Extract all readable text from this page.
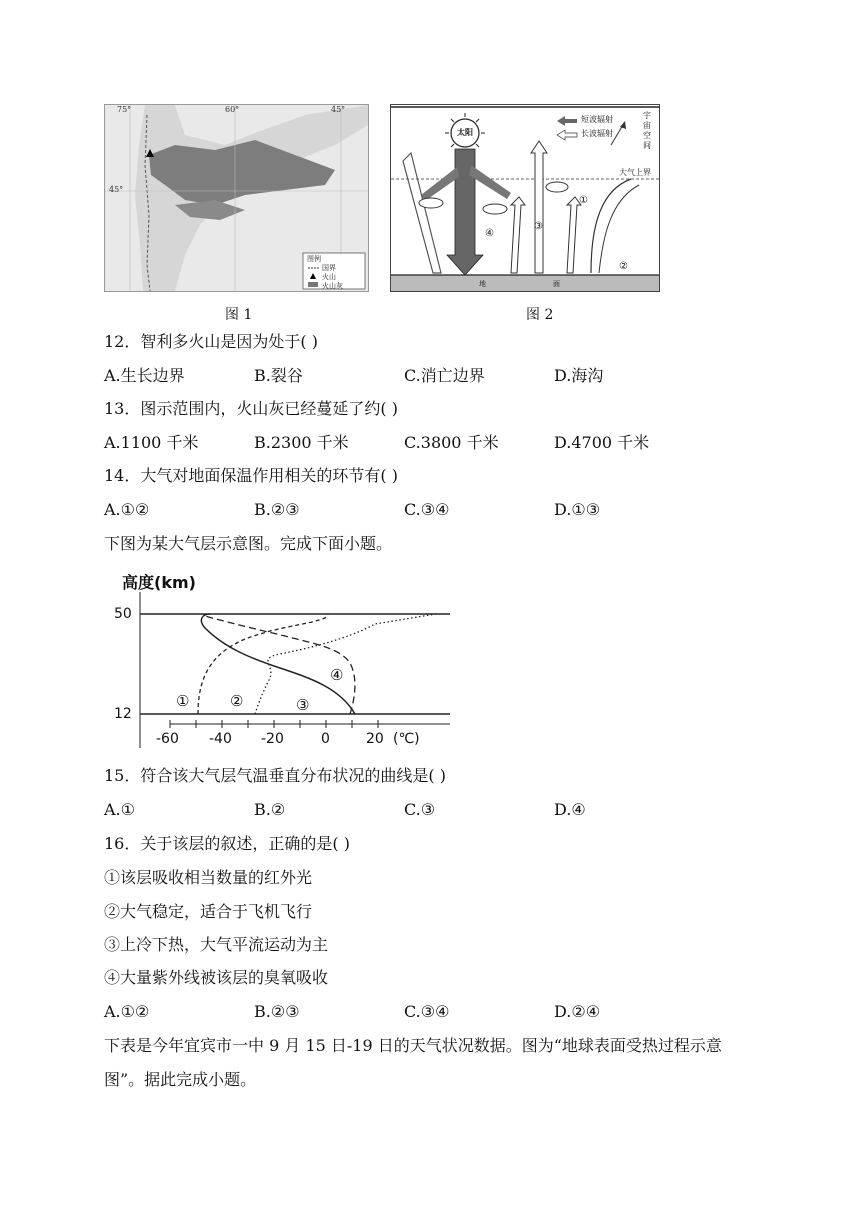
75°	60°	45°
45°
图例
国界
火山
火山灰
图 1
太阳
短波辐射
长波辐射
宇宙空间
大气上界
①
②
③
④
地	面
图 2
12．智利多火山是因为处于( )
A.生长边界	B.裂谷	C.消亡边界	D.海沟
13．图示范围内，火山灰已经蔓延了约( )
A.1100 千米	B.2300 千米	C.3800 千米	D.4700 千米
14．大气对地面保温作用相关的环节有( )
A.①②	B.②③	C.③④	D.①③
下图为某大气层示意图。完成下面小题。
高度(km)
50
12
-60 -40 -20	0	20 (℃)
①	②	③
④
15．符合该大气层气温垂直分布状况的曲线是( )
A.①	B.②	C.③	D.④
16．关于该层的叙述，正确的是( )
①该层吸收相当数量的红外光
②大气稳定，适合于飞机飞行
③上冷下热，大气平流运动为主
④大量紫外线被该层的臭氧吸收
A.①②	B.②③	C.③④	D.②④
下表是今年宜宾市一中 9 月 15 日-19 日的天气状况数据。图为“地球表面受热过程示意
图”。据此完成小题。
